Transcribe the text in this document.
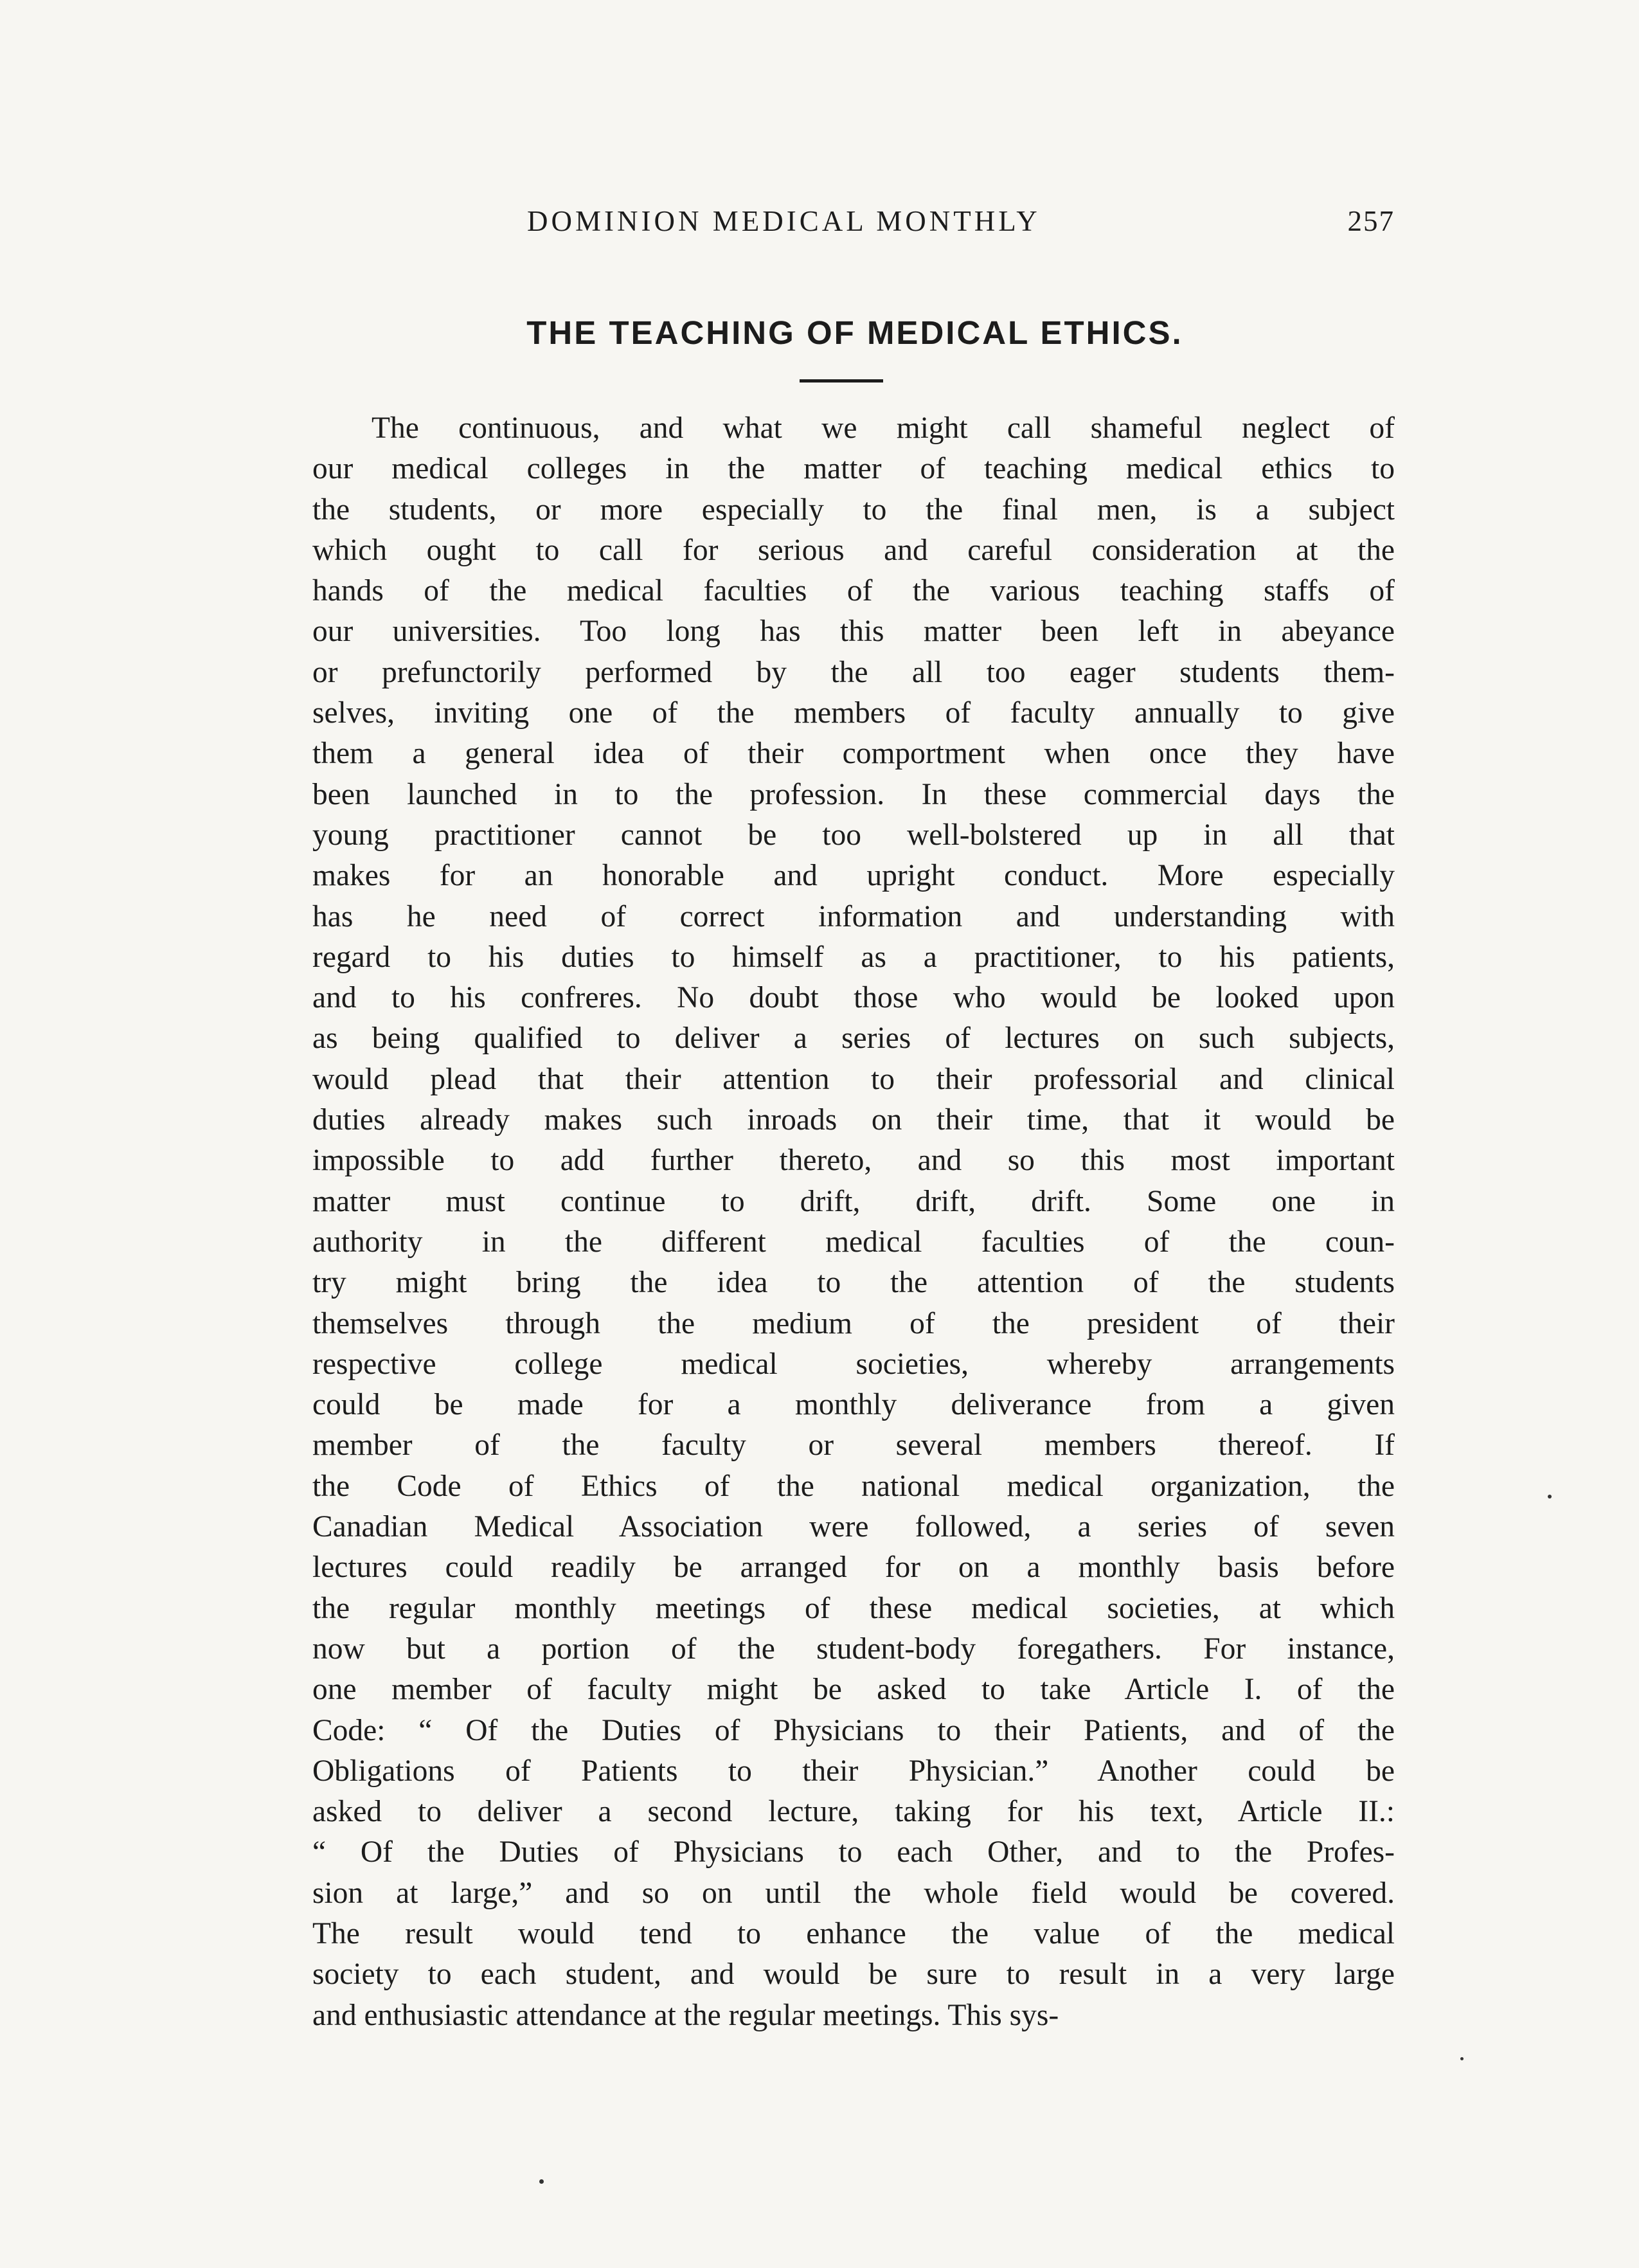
DOMINION MEDICAL MONTHLY	257
THE TEACHING OF MEDICAL ETHICS.
The continuous, and what we might call shameful neglect of
our medical colleges in the matter of teaching medical ethics to
the students, or more especially to the final men, is a subject
which ought to call for serious and careful consideration at the
hands of the medical faculties of the various teaching staffs of
our universities. Too long has this matter been left in abeyance
or prefunctorily performed by the all too eager students them-
selves, inviting one of the members of faculty annually to give
them a general idea of their comportment when once they have
been launched in to the profession. In these commercial days the
young practitioner cannot be too well-bolstered up in all that
makes for an honorable and upright conduct. More especially
has he need of correct information and understanding with
regard to his duties to himself as a practitioner, to his patients,
and to his confreres. No doubt those who would be looked upon
as being qualified to deliver a series of lectures on such subjects,
would plead that their attention to their professorial and clinical
duties already makes such inroads on their time, that it would be
impossible to add further thereto, and so this most important
matter must continue to drift, drift, drift. Some one in
authority in the different medical faculties of the coun-
try might bring the idea to the attention of the students
themselves through the medium of the president of their
respective college medical societies, whereby arrangements
could be made for a monthly deliverance from a given
member of the faculty or several members thereof. If
the Code of Ethics of the national medical organization, the
Canadian Medical Association were followed, a series of seven
lectures could readily be arranged for on a monthly basis before
the regular monthly meetings of these medical societies, at which
now but a portion of the student-body foregathers. For instance,
one member of faculty might be asked to take Article I. of the
Code: “ Of the Duties of Physicians to their Patients, and of the
Obligations of Patients to their Physician.” Another could be
asked to deliver a second lecture, taking for his text, Article II.:
“ Of the Duties of Physicians to each Other, and to the Profes-
sion at large,” and so on until the whole field would be covered.
The result would tend to enhance the value of the medical
society to each student, and would be sure to result in a very large
and enthusiastic attendance at the regular meetings. This sys-
